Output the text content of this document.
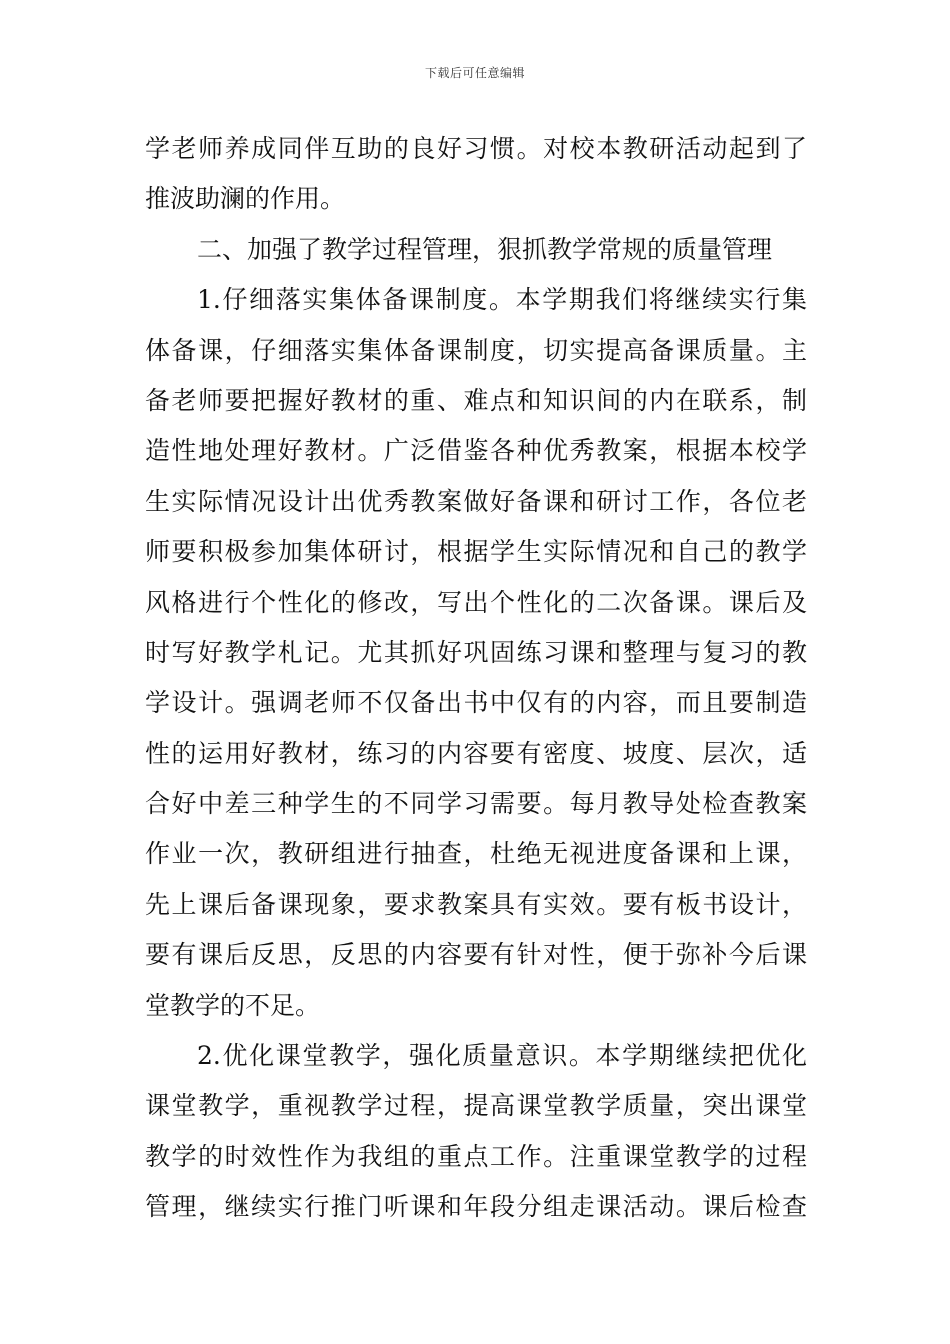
下载后可任意编辑
学老师养成同伴互助的良好习惯。对校本教研活动起到了
推波助澜的作用。
二、加强了教学过程管理，狠抓教学常规的质量管理
1.仔细落实集体备课制度。本学期我们将继续实行集
体备课，仔细落实集体备课制度，切实提高备课质量。主
备老师要把握好教材的重、难点和知识间的内在联系，制
造性地处理好教材。广泛借鉴各种优秀教案，根据本校学
生实际情况设计出优秀教案做好备课和研讨工作，各位老
师要积极参加集体研讨，根据学生实际情况和自己的教学
风格进行个性化的修改，写出个性化的二次备课。课后及
时写好教学札记。尤其抓好巩固练习课和整理与复习的教
学设计。强调老师不仅备出书中仅有的内容，而且要制造
性的运用好教材，练习的内容要有密度、坡度、层次，适
合好中差三种学生的不同学习需要。每月教导处检查教案
作业一次，教研组进行抽查，杜绝无视进度备课和上课，
先上课后备课现象，要求教案具有实效。要有板书设计，
要有课后反思，反思的内容要有针对性，便于弥补今后课
堂教学的不足。
2.优化课堂教学，强化质量意识。本学期继续把优化
课堂教学，重视教学过程，提高课堂教学质量，突出课堂
教学的时效性作为我组的重点工作。注重课堂教学的过程
管理，继续实行推门听课和年段分组走课活动。课后检查
